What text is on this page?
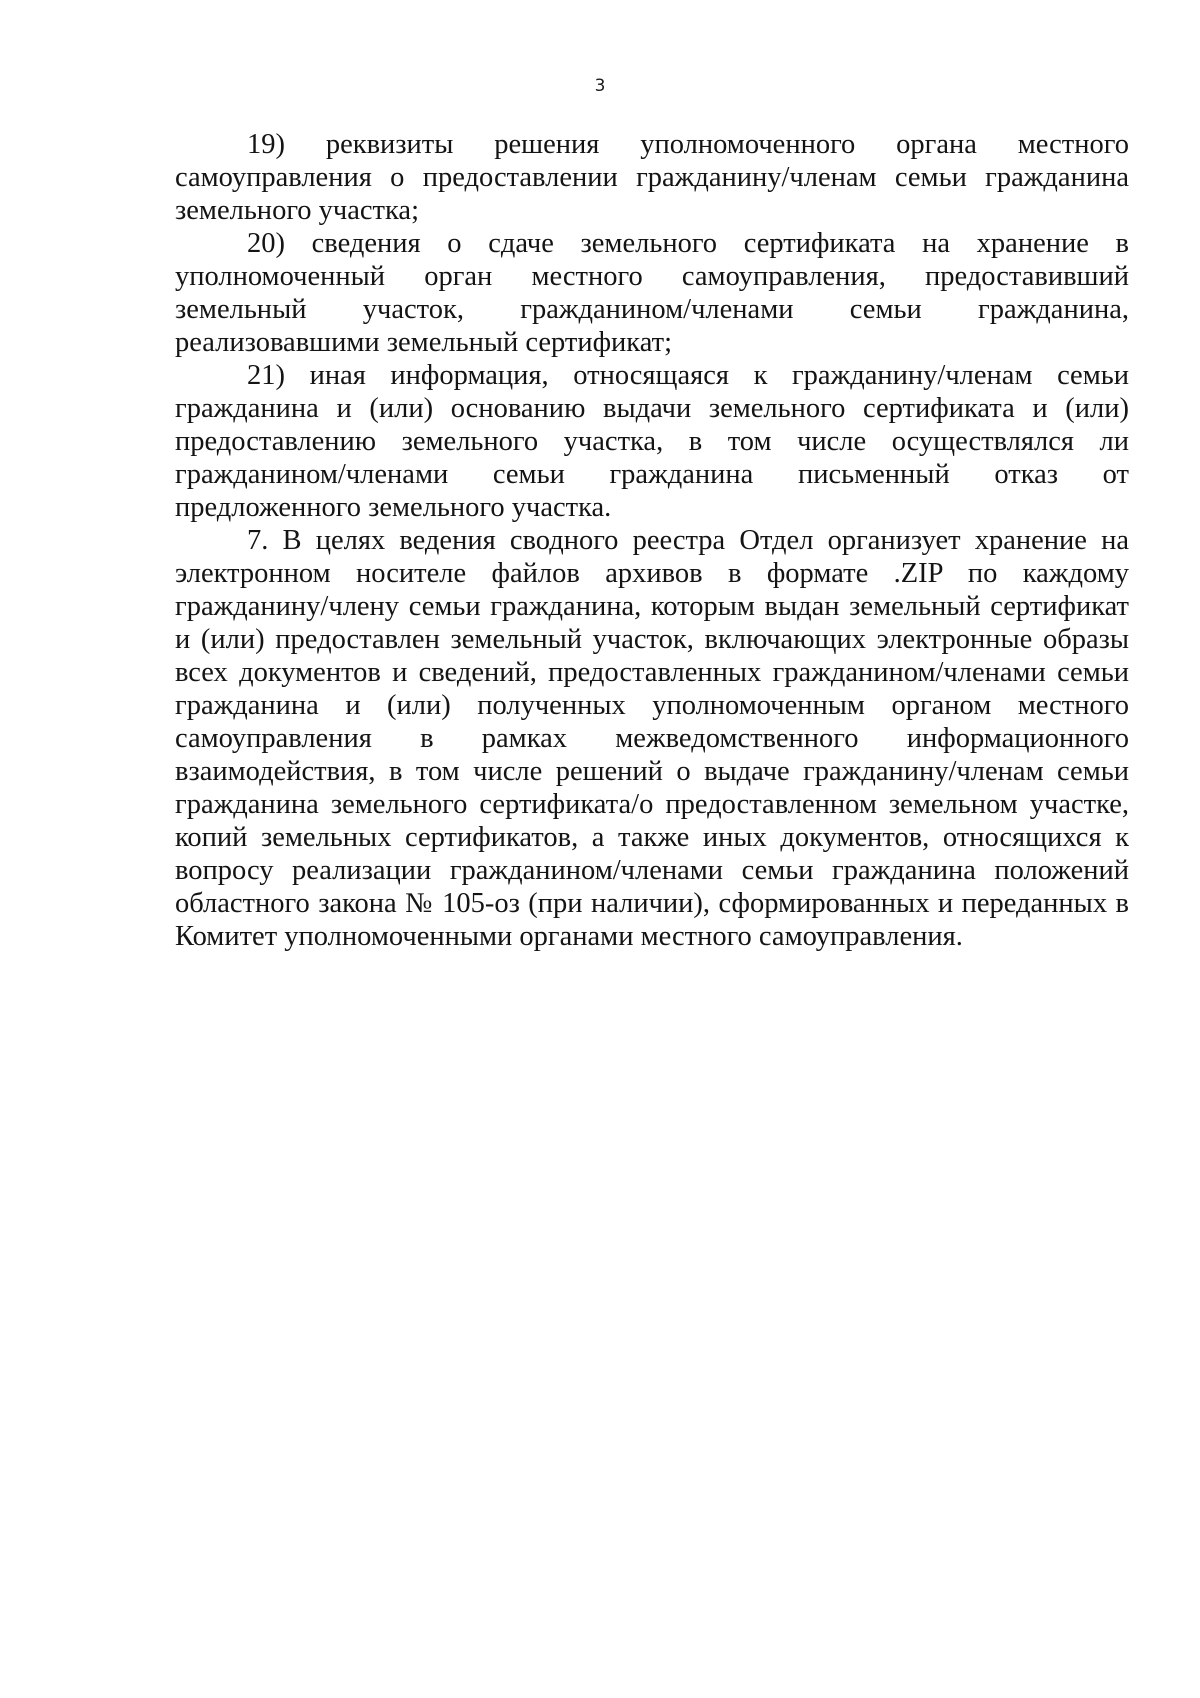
3

19) реквизиты решения уполномоченного органа местного самоуправления о предоставлении гражданину/членам семьи гражданина земельного участка;

20) сведения о сдаче земельного сертификата на хранение в уполномоченный орган местного самоуправления, предоставивший земельный участок, гражданином/членами семьи гражданина, реализовавшими земельный сертификат;

21) иная информация, относящаяся к гражданину/членам семьи гражданина и (или) основанию выдачи земельного сертификата и (или) предоставлению земельного участка, в том числе осуществлялся ли гражданином/членами семьи гражданина письменный отказ от предложенного земельного участка.

7. В целях ведения сводного реестра Отдел организует хранение на электронном носителе файлов архивов в формате .ZIP по каждому гражданину/члену семьи гражданина, которым выдан земельный сертификат и (или) предоставлен земельный участок, включающих электронные образы всех документов и сведений, предоставленных гражданином/членами семьи гражданина и (или) полученных уполномоченным органом местного самоуправления в рамках межведомственного информационного взаимодействия, в том числе решений о выдаче гражданину/членам семьи гражданина земельного сертификата/о предоставленном земельном участке, копий земельных сертификатов, а также иных документов, относящихся к вопросу реализации гражданином/членами семьи гражданина положений областного закона № 105-оз (при наличии), сформированных и переданных в Комитет уполномоченными органами местного самоуправления.
